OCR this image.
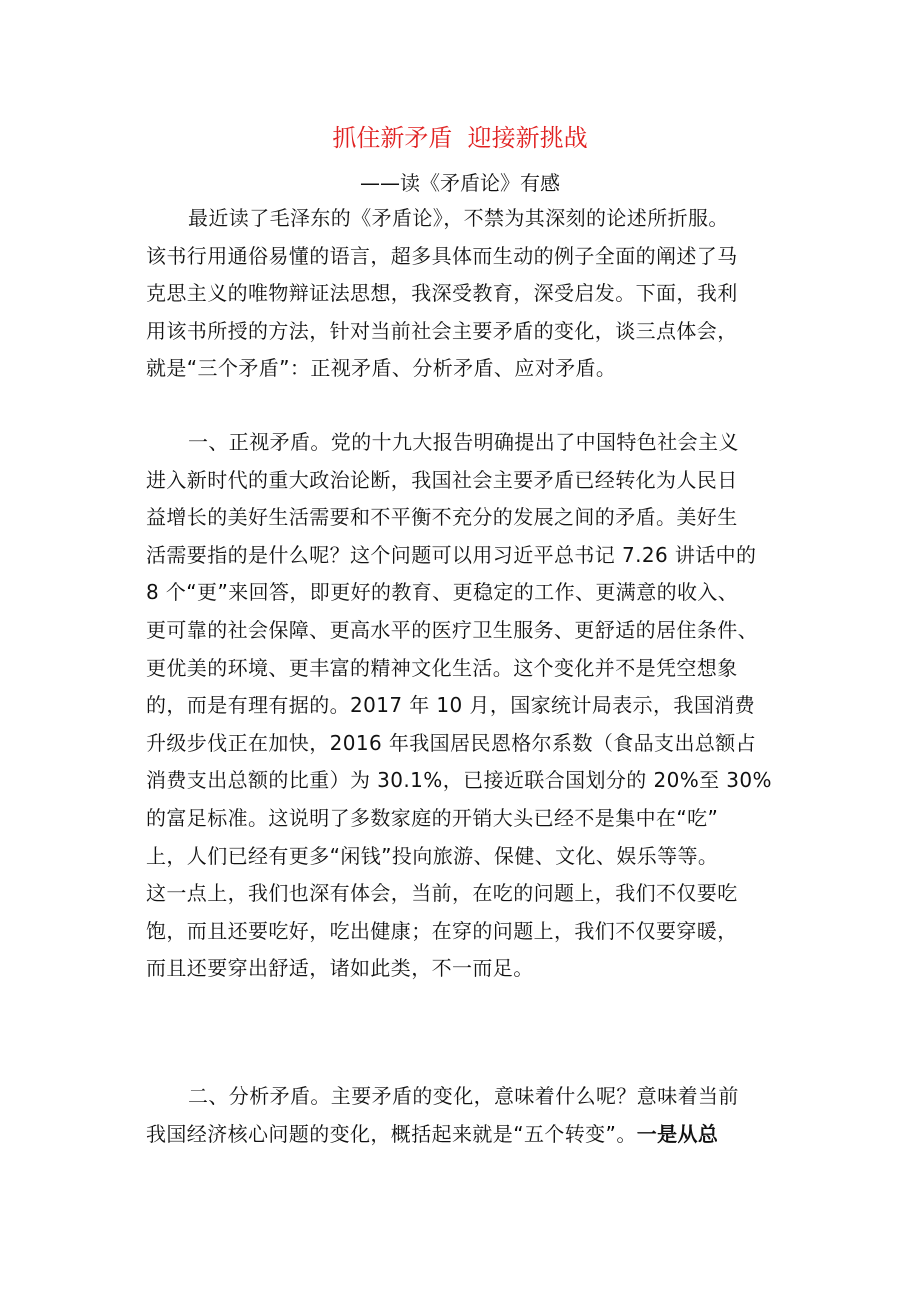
抓住新矛盾  迎接新挑战
——读《矛盾论》有感
最近读了毛泽东的《矛盾论》，不禁为其深刻的论述所折服。
该书行用通俗易懂的语言，超多具体而生动的例子全面的阐述了马
克思主义的唯物辩证法思想，我深受教育，深受启发。下面，我利
用该书所授的方法，针对当前社会主要矛盾的变化，谈三点体会，
就是“三个矛盾”：正视矛盾、分析矛盾、应对矛盾。
一、正视矛盾。党的十九大报告明确提出了中国特色社会主义
进入新时代的重大政治论断，我国社会主要矛盾已经转化为人民日
益增长的美好生活需要和不平衡不充分的发展之间的矛盾。美好生
活需要指的是什么呢？这个问题可以用习近平总书记 7.26 讲话中的
8 个“更”来回答，即更好的教育、更稳定的工作、更满意的收入、
更可靠的社会保障、更高水平的医疗卫生服务、更舒适的居住条件、
更优美的环境、更丰富的精神文化生活。这个变化并不是凭空想象
的，而是有理有据的。2017 年 10 月，国家统计局表示，我国消费
升级步伐正在加快，2016 年我国居民恩格尔系数（食品支出总额占
消费支出总额的比重）为 30.1%，已接近联合国划分的 20%至 30%
的富足标准。这说明了多数家庭的开销大头已经不是集中在“吃”
上，人们已经有更多“闲钱”投向旅游、保健、文化、娱乐等等。
这一点上，我们也深有体会，当前，在吃的问题上，我们不仅要吃
饱，而且还要吃好，吃出健康；在穿的问题上，我们不仅要穿暖，
而且还要穿出舒适，诸如此类，不一而足。
二、分析矛盾。主要矛盾的变化，意味着什么呢？意味着当前
我国经济核心问题的变化，概括起来就是“五个转变”。一是从总
